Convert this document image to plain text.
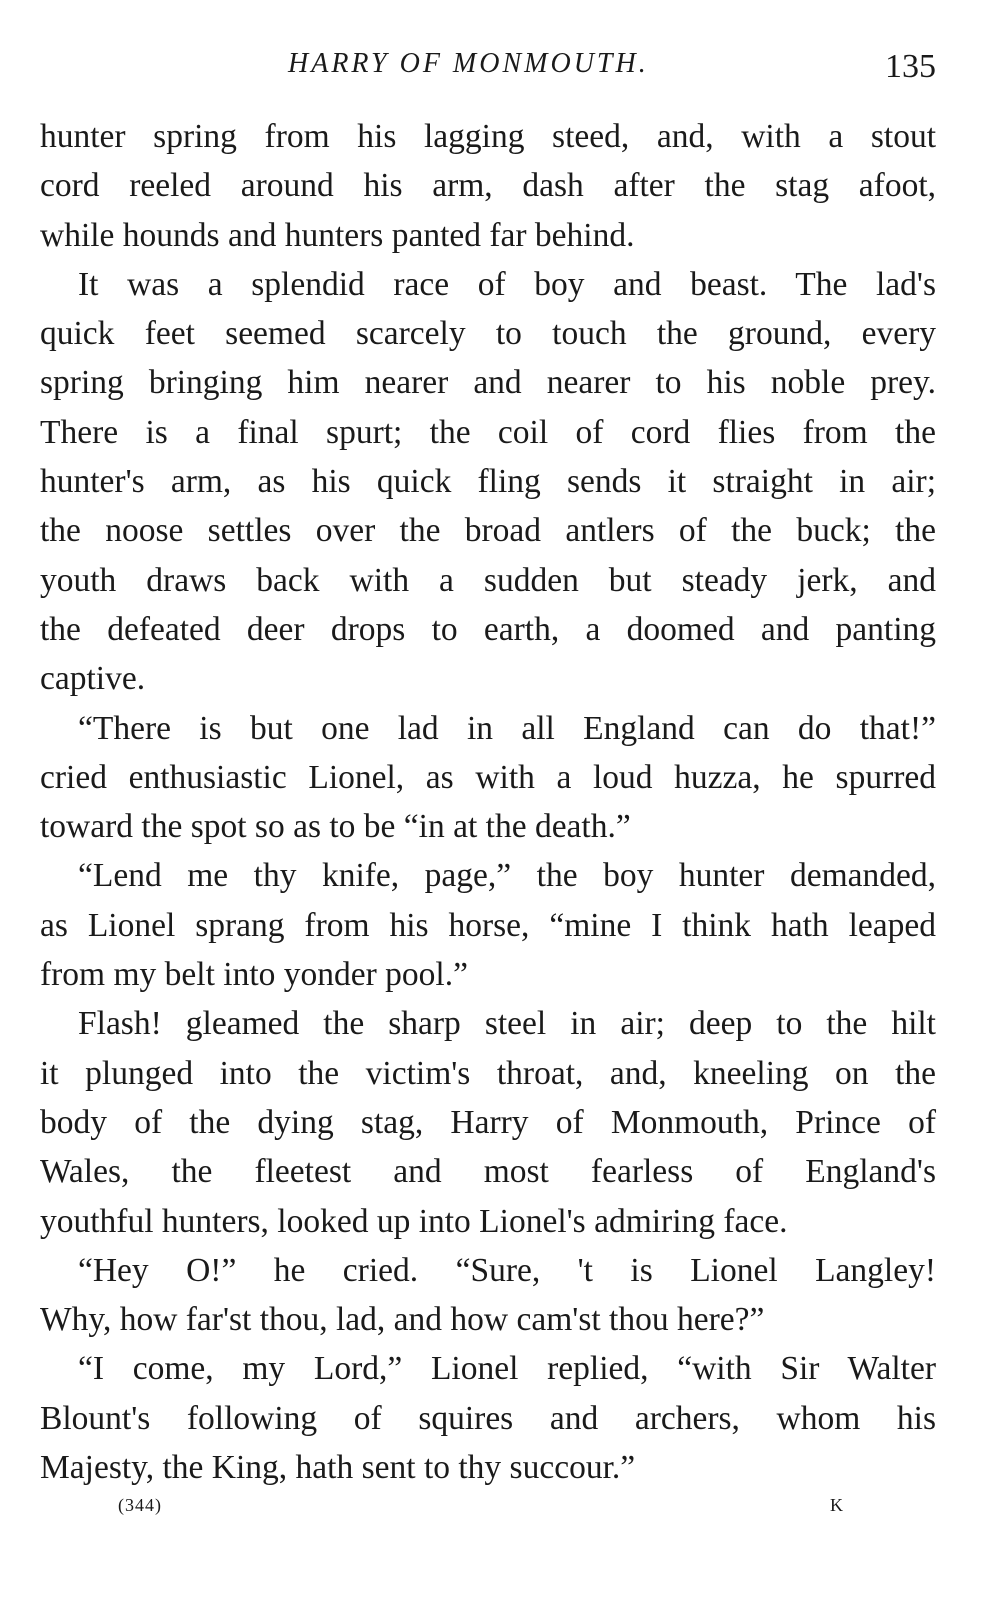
HARRY OF MONMOUTH.	135
hunter spring from his lagging steed, and, with a stout
cord reeled around his arm, dash after the stag afoot,
while hounds and hunters panted far behind.
It was a splendid race of boy and beast. The lad's
quick feet seemed scarcely to touch the ground, every
spring bringing him nearer and nearer to his noble prey.
There is a final spurt; the coil of cord flies from the
hunter's arm, as his quick fling sends it straight in air;
the noose settles over the broad antlers of the buck; the
youth draws back with a sudden but steady jerk, and
the defeated deer drops to earth, a doomed and panting
captive.
“There is but one lad in all England can do that!”
cried enthusiastic Lionel, as with a loud huzza, he spurred
toward the spot so as to be “in at the death.”
“Lend me thy knife, page,” the boy hunter demanded,
as Lionel sprang from his horse, “mine I think hath leaped
from my belt into yonder pool.”
Flash! gleamed the sharp steel in air; deep to the hilt
it plunged into the victim's throat, and, kneeling on the
body of the dying stag, Harry of Monmouth, Prince of
Wales, the fleetest and most fearless of England's
youthful hunters, looked up into Lionel's admiring face.
“Hey O!” he cried. “Sure, 't is Lionel Langley!
Why, how far'st thou, lad, and how cam'st thou here?”
“I come, my Lord,” Lionel replied, “with Sir Walter
Blount's following of squires and archers, whom his
Majesty, the King, hath sent to thy succour.”
(344)	K
